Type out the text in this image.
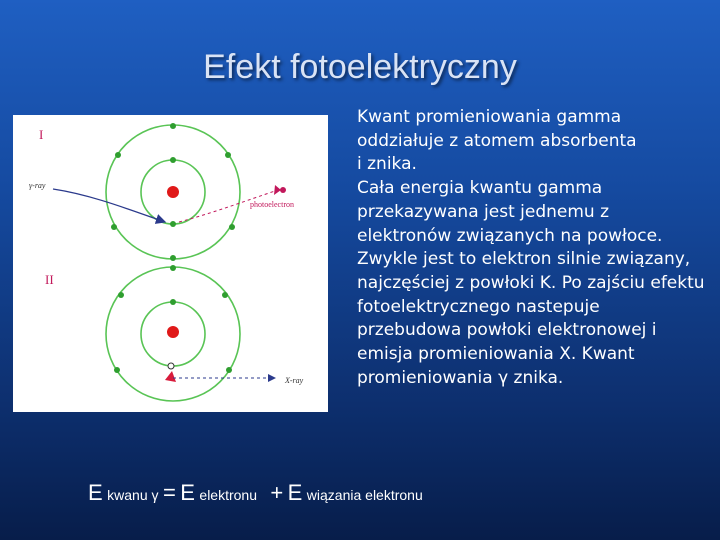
Efekt fotoelektryczny
I
γ-ray
photoelectron
II
X-ray
Kwant promieniowania gamma oddziałuje z atomem absorbenta
i znika.
Cała energia kwantu gamma przekazywana jest jednemu z elektronów związanych na powłoce.
Zwykle jest to elektron silnie związany, najczęściej z powłoki K. Po zajściu efektu fotoelektrycznego nastepuje przebudowa powłoki elektronowej i emisja promieniowania X. Kwant promieniowania γ znika.
E kwanu γ = E elektronu + E wiązania elektronu
